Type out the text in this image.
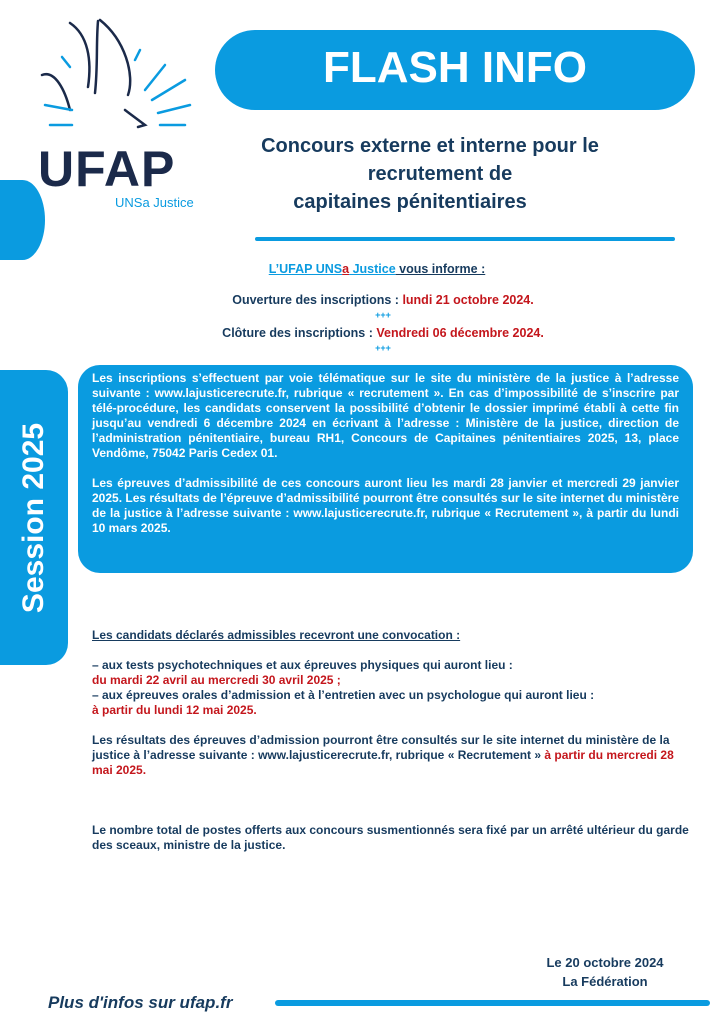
UFAP
UNSa Justice
FLASH INFO
Concours externe et interne pour le
recrutement de
capitaines pénitentiaires
L’UFAP UNSa Justice vous informe :
Ouverture des inscriptions : lundi 21 octobre 2024.
+++
Clôture des inscriptions : Vendredi 06 décembre 2024.
+++
Session 2025

Les inscriptions s’effectuent par voie télématique sur le site du ministère de la justice à l’adresse suivante : www.lajusticerecrute.fr, rubrique « recrutement ». En cas d’impossibilité de s’inscrire par télé-procédure, les candidats conservent la possibilité d’obtenir le dossier imprimé établi à cette fin jusqu’au vendredi 6 décembre 2024 en écrivant à l’adresse : Ministère de la justice, direction de l’administration pénitentiaire, bureau RH1, Concours de Capitaines pénitentiaires 2025, 13, place Vendôme, 75042 Paris Cedex 01.

Les épreuves d’admissibilité de ces concours auront lieu les mardi 28 janvier et mercredi 29 janvier 2025. Les résultats de l’épreuve d’admissibilité pourront être consultés sur le site internet du ministère de la justice à l’adresse suivante : www.lajusticerecrute.fr, rubrique « Recrutement », à partir du lundi 10 mars 2025.

Les candidats déclarés admissibles recevront une convocation :

– aux tests psychotechniques et aux épreuves physiques qui auront lieu :

du mardi 22 avril au mercredi 30 avril 2025 ;

– aux épreuves orales d’admission et à l’entretien avec un psychologue qui auront lieu :

à partir du lundi 12 mai 2025.

Les résultats des épreuves d’admission pourront être consultés sur le site internet du ministère de la justice à l’adresse suivante : www.lajusticerecrute.fr, rubrique « Recrutement » à partir du mercredi 28 mai 2025.

Le nombre total de postes offerts aux concours susmentionnés sera fixé par un arrêté ultérieur du garde des sceaux, ministre de la justice.

Le 20 octobre 2024
La Fédération
Plus d'infos sur ufap.fr
